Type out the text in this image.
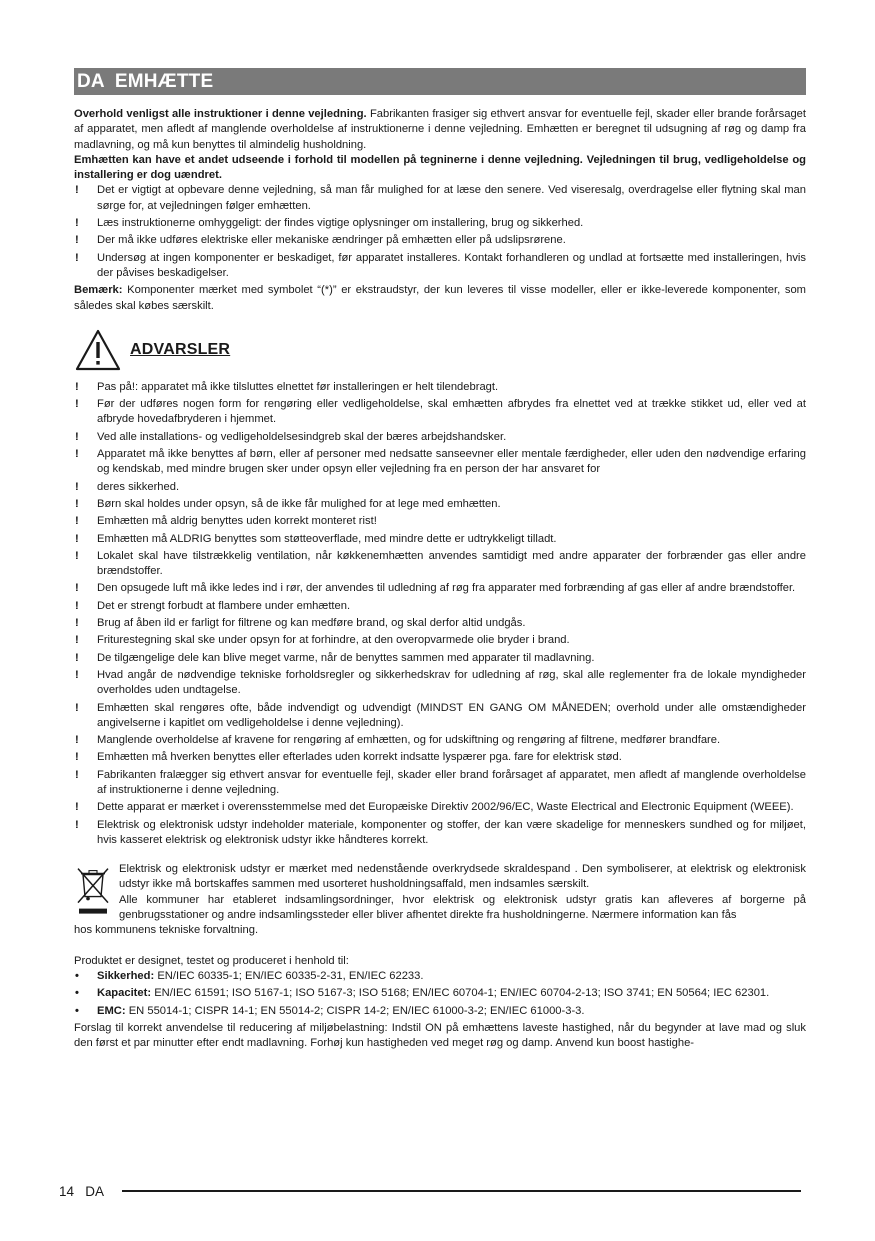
DA EMHÆTTE

Overhold venligst alle instruktioner i denne vejledning. Fabrikanten frasiger sig ethvert ansvar for eventuelle fejl, skader eller brande forårsaget af apparatet, men afledt af manglende overholdelse af instruktionerne i denne vejledning. Emhætten er beregnet til udsugning af røg og damp fra madlavning, og må kun benyttes til almindelig husholdning.

Emhætten kan have et andet udseende i forhold til modellen på tegninerne i denne vejledning. Vejledningen til brug, vedligeholdelse og installering er dog uændret.

! Det er vigtigt at opbevare denne vejledning, så man får mulighed for at læse den senere. Ved viseresalg, overdragelse eller flytning skal man sørge for, at vejledningen følger emhætten.
! Læs instruktionerne omhyggeligt: der findes vigtige oplysninger om installering, brug og sikkerhed.
! Der må ikke udføres elektriske eller mekaniske ændringer på emhætten eller på udslipsrørene.
! Undersøg at ingen komponenter er beskadiget, før apparatet installeres. Kontakt forhandleren og undlad at fortsætte med installeringen, hvis der påvises beskadigelser.

Bemærk: Komponenter mærket med symbolet “(*)” er ekstraudstyr, der kun leveres til visse modeller, eller er ikke-leverede komponenter, som således skal købes særskilt.

ADVARSLER
! Pas på!: apparatet må ikke tilsluttes elnettet før installeringen er helt tilendebragt.
! Før der udføres nogen form for rengøring eller vedligeholdelse, skal emhætten afbrydes fra elnettet ved at trække stikket ud, eller ved at afbryde hovedafbryderen i hjemmet.
! Ved alle installations- og vedligeholdelsesindgreb skal der bæres arbejdshandsker.
! Apparatet må ikke benyttes af børn, eller af personer med nedsatte sanseevner eller mentale færdigheder, eller uden den nødvendige erfaring og kendskab, med mindre brugen sker under opsyn eller vejledning fra en person der har ansvaret for
! deres sikkerhed.
! Børn skal holdes under opsyn, så de ikke får mulighed for at lege med emhætten.
! Emhætten må aldrig benyttes uden korrekt monteret rist!
! Emhætten må ALDRIG benyttes som støtteoverflade, med mindre dette er udtrykkeligt tilladt.
! Lokalet skal have tilstrækkelig ventilation, når køkkenemhætten anvendes samtidigt med andre apparater der forbrænder gas eller andre brændstoffer.
! Den opsugede luft må ikke ledes ind i rør, der anvendes til udledning af røg fra apparater med forbrænding af gas eller af andre brændstoffer.
! Det er strengt forbudt at flambere under emhætten.
! Brug af åben ild er farligt for filtrene og kan medføre brand, og skal derfor altid undgås.
! Friturestegning skal ske under opsyn for at forhindre, at den overopvarmede olie bryder i brand.
! De tilgængelige dele kan blive meget varme, når de benyttes sammen med apparater til madlavning.
! Hvad angår de nødvendige tekniske forholdsregler og sikkerhedskrav for udledning af røg, skal alle reglementer fra de lokale myndigheder overholdes uden undtagelse.
! Emhætten skal rengøres ofte, både indvendigt og udvendigt (MINDST EN GANG OM MÅNEDEN; overhold under alle omstændigheder angivelserne i kapitlet om vedligeholdelse i denne vejledning).
! Manglende overholdelse af kravene for rengøring af emhætten, og for udskiftning og rengøring af filtrene, medfører brandfare.
! Emhætten må hverken benyttes eller efterlades uden korrekt indsatte lyspærer pga. fare for elektrisk stød.
! Fabrikanten fralægger sig ethvert ansvar for eventuelle fejl, skader eller brand forårsaget af apparatet, men afledt af manglende overholdelse af instruktionerne i denne vejledning.
! Dette apparat er mærket i overensstemmelse med det Europæiske Direktiv 2002/96/EC, Waste Electrical and Electronic Equipment (WEEE).
! Elektrisk og elektronisk udstyr indeholder materiale, komponenter og stoffer, der kan være skadelige for menneskers sundhed og for miljøet, hvis kasseret elektrisk og elektronisk udstyr ikke håndteres korrekt.

Elektrisk og elektronisk udstyr er mærket med nedenstående overkrydsede skraldespand . Den symboliserer, at elektrisk og elektronisk udstyr ikke må bortskaffes sammen med usorteret husholdningsaffald, men indsamles særskilt.

Alle kommuner har etableret indsamlingsordninger, hvor elektrisk og elektronisk udstyr gratis kan afleveres af borgerne på genbrugsstationer og andre indsamlingssteder eller bliver afhentet direkte fra husholdningerne. Nærmere information kan fås

hos kommunens tekniske forvaltning.

Produktet er designet, testet og produceret i henhold til:

• Sikkerhed: EN/IEC 60335-1; EN/IEC 60335-2-31, EN/IEC 62233.
• Kapacitet: EN/IEC 61591; ISO 5167-1; ISO 5167-3; ISO 5168; EN/IEC 60704-1; EN/IEC 60704-2-13; ISO 3741; EN 50564; IEC 62301.
• EMC: EN 55014-1; CISPR 14-1; EN 55014-2; CISPR 14-2; EN/IEC 61000-3-2; EN/IEC 61000-3-3.

Forslag til korrekt anvendelse til reducering af miljøbelastning: Indstil ON på emhættens laveste hastighed, når du begynder at lave mad og sluk den først et par minutter efter endt madlavning. Forhøj kun hastigheden ved meget røg og damp. Anvend kun boost hastighe-

14 DA
